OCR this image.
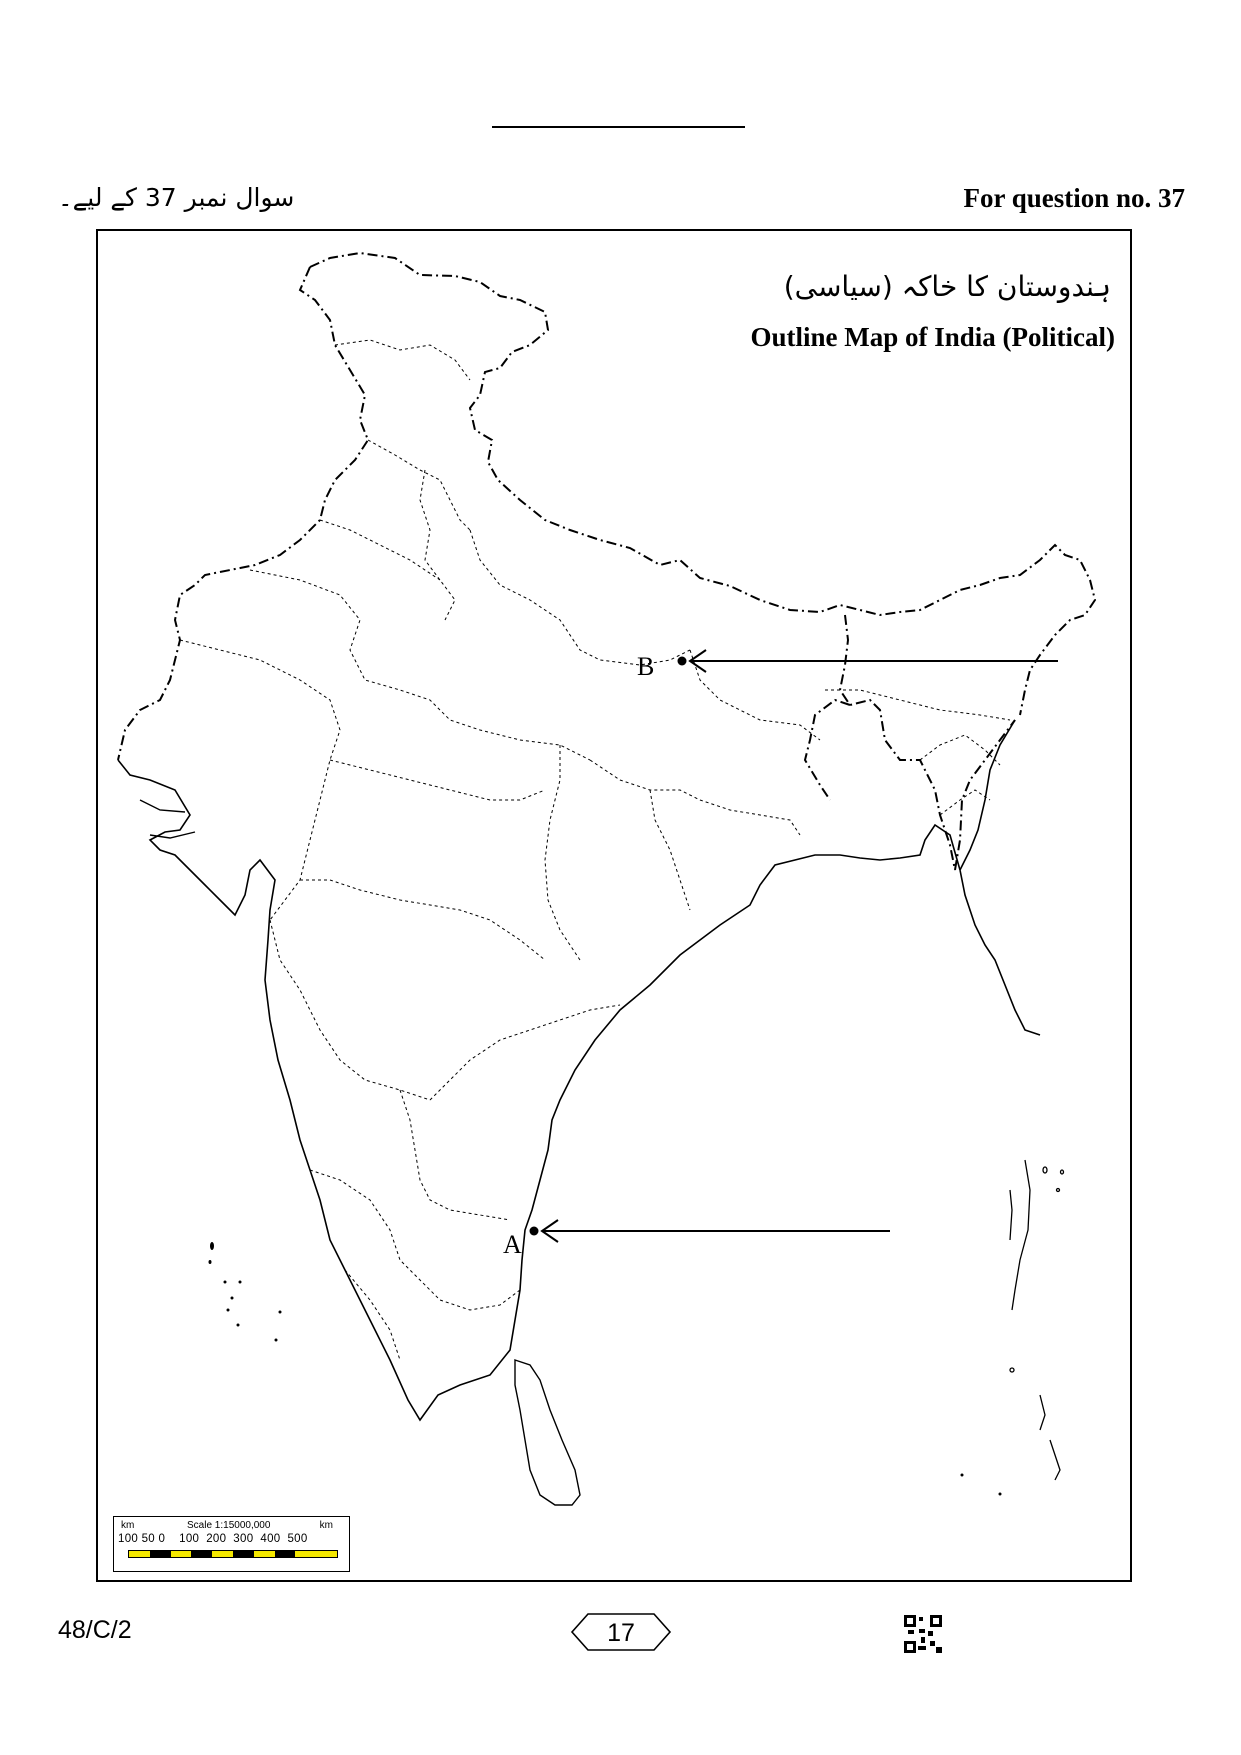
سوال نمبر 37 کے لیے۔	For question no. 37
ہندوستان کا خاکہ (سیاسی)
Outline Map of India (Political)
A
B
km	Scale 1:15000,000	km
100 50 0    100  200  300  400  500
48/C/2	17
